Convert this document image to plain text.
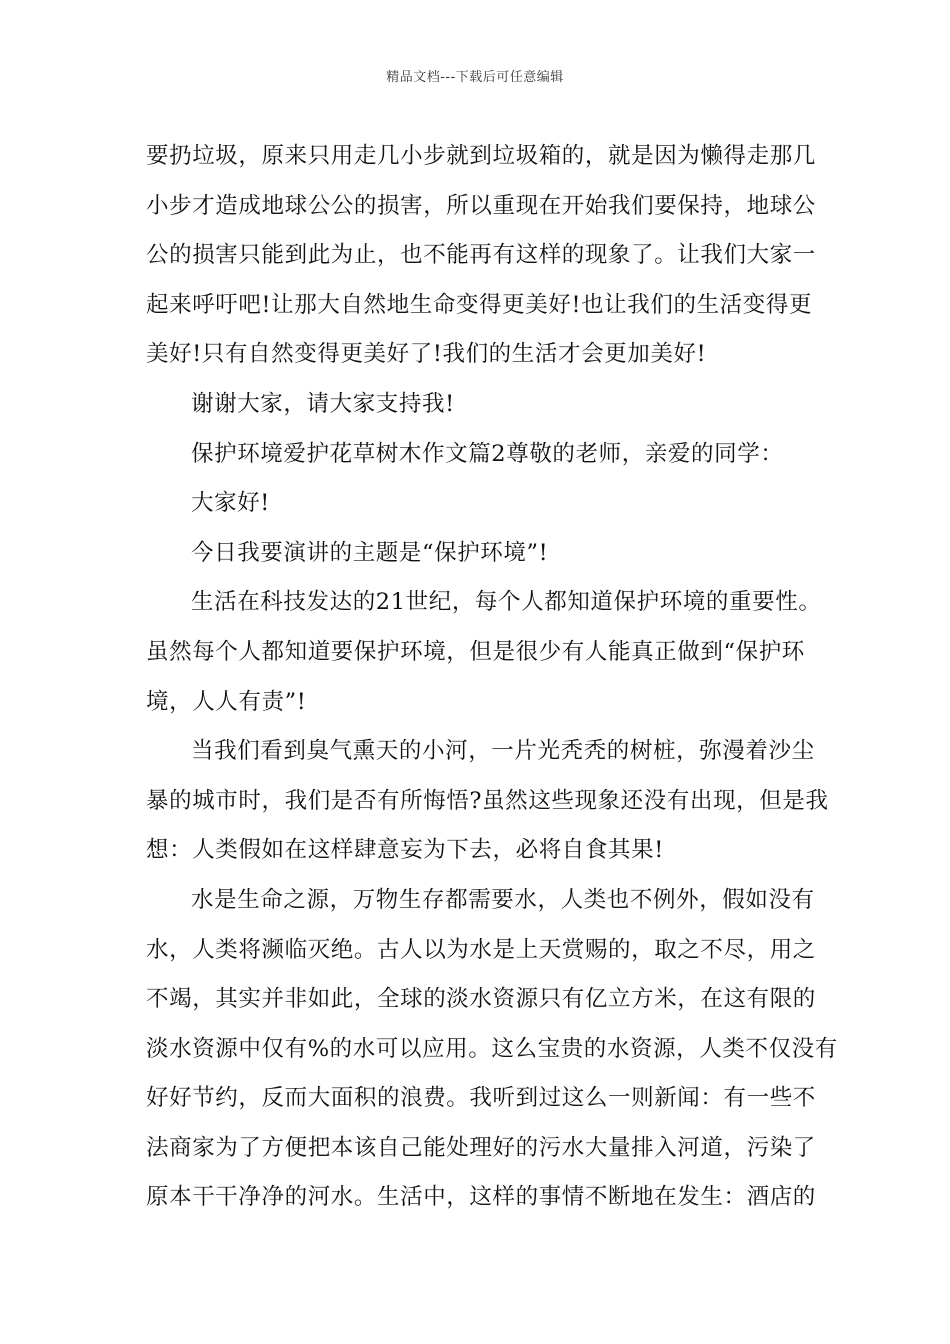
精品文档---下载后可任意编辑
要扔垃圾，原来只用走几小步就到垃圾箱的，就是因为懒得走那几
小步才造成地球公公的损害，所以重现在开始我们要保持，地球公
公的损害只能到此为止，也不能再有这样的现象了。让我们大家一
起来呼吁吧!让那大自然地生命变得更美好!也让我们的生活变得更
美好!只有自然变得更美好了!我们的生活才会更加美好!
谢谢大家，请大家支持我!
保护环境爱护花草树木作文篇2尊敬的老师，亲爱的同学：
大家好!
今日我要演讲的主题是“保护环境”!
生活在科技发达的21世纪，每个人都知道保护环境的重要性。
虽然每个人都知道要保护环境，但是很少有人能真正做到“保护环
境，人人有责”!
当我们看到臭气熏天的小河，一片光秃秃的树桩，弥漫着沙尘
暴的城市时，我们是否有所悔悟?虽然这些现象还没有出现，但是我
想：人类假如在这样肆意妄为下去，必将自食其果!
水是生命之源，万物生存都需要水，人类也不例外，假如没有
水，人类将濒临灭绝。古人以为水是上天赏赐的，取之不尽，用之
不竭，其实并非如此，全球的淡水资源只有亿立方米，在这有限的
淡水资源中仅有%的水可以应用。这么宝贵的水资源，人类不仅没有
好好节约，反而大面积的浪费。我听到过这么一则新闻：有一些不
法商家为了方便把本该自己能处理好的污水大量排入河道，污染了
原本干干净净的河水。生活中，这样的事情不断地在发生：酒店的
